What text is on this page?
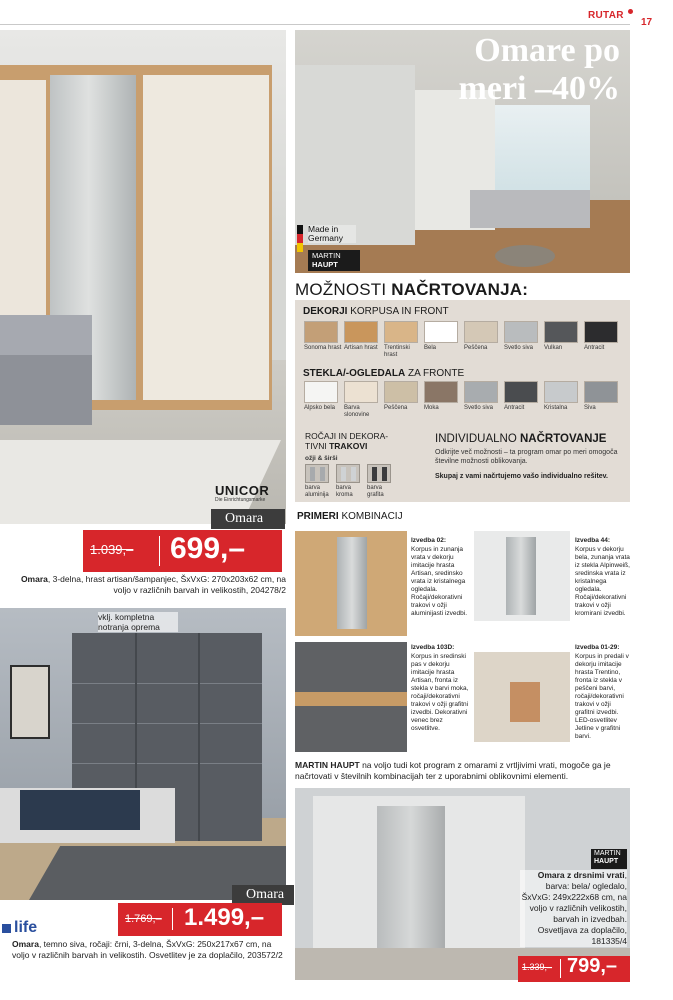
RUTAR
17
UNICOR
Die Einrichtungsmarke
Omara
1.039,– 699,–
Omara, 3-delna, hrast artisan/šampanjec, ŠxVxG: 270x203x62 cm, na voljo v različnih barvah in velikostih, 204278/2
vklj. kompletna notranja oprema
Omara
life	1.769,– 1.499,–
Omara, temno siva, ročaji: črni, 3-delna, ŠxVxG: 250x217x67 cm, na voljo v različnih barvah in velikostih. Osvetlitev je za doplačilo, 203572/2
Omare po meri –40%
Made in Germany
MARTIN
HAUPT
MOŽNOSTI NAČRTOVANJA:
DEKORJI KORPUSA IN FRONT
STEKLA/-OGLEDALA ZA FRONTE
Sonoma hrast Artisan hrast	Trentinski hrast
Bela	Peščena	Svetlo siva	Vulkan	Antracit
Alpsko bela	Barva slonovine
Peščena	Moka	Svetlo siva	Antracit	Kristalna	Siva
ROČAJI IN DEKORA-TIVNI TRAKOVI
ožji & širši
barva aluminija
barva kroma
barva grafita
INDIVIDUALNO NAČRTOVANJE
Odkrijte več možnosti – ta program omar po meri omogoča številne možnosti oblikovanja.
Skupaj z vami načrtujemo vašo individualno rešitev.
PRIMERI KOMBINACIJ
Izvedba 02:
Korpus in zunanja vrata v dekorju imitacije hrasta Artisan, sredinsko vrata iz kristalnega ogledala. Ročaji/dekorativni trakovi v ožji aluminijasti izvedbi.
Izvedba 44:
Korpus v dekorju bela, zunanja vrata iz stekla Alpinweiß, sredinska vrata iz kristalnega ogledala. Ročaji/dekorativni trakovi v ožji kromirani izvedbi.
Izvedba 103D:
Korpus in sredinski pas v dekorju imitacije hrasta Artisan, fronta iz stekla v barvi moka, ročaji/dekorativni trakovi v ožji grafitni izvedbi. Dekorativni venec brez osvetlitve.
Izvedba 01-29:
Korpus in predali v dekorju imitacije hrasta Trentino, fronta iz stekla v peščeni barvi, ročaji/dekorativni trakovi v ožji grafitni izvedbi. LED-osvetlitev Jetline v grafitni barvi.
MARTIN HAUPT na voljo tudi kot program z omarami z vrtljivimi vrati, mogoče ga je načrtovati v številnih kombinacijah ter z uporabnimi oblikovnimi elementi.
MARTIN
HAUPT
Omara z drsnimi vrati, barva: bela/ ogledalo, ŠxVxG: 249x222x68 cm, na voljo v različnih velikostih, barvah in izvedbah. Osvetljava za doplačilo, 181335/4
1.339,– 799,–
